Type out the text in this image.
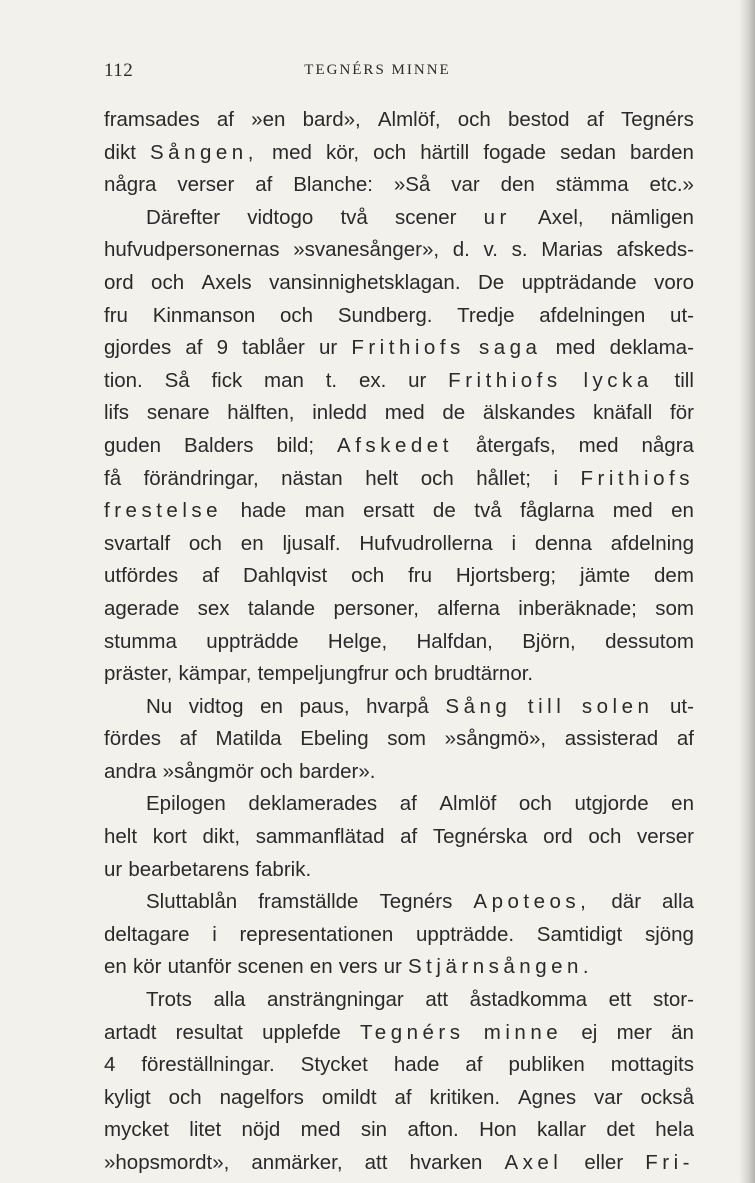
112	TEGNÉRS MINNE
framsades af »en bard», Almlöf, och bestod af Tegnérs
dikt Sången, med kör, och härtill fogade sedan barden
några verser af Blanche: »Så var den stämma etc.»
Därefter vidtogo två scener ur Axel, nämligen
hufvudpersonernas »svanesånger», d. v. s. Marias afskeds-
ord och Axels vansinnighetsklagan. De uppträdande voro
fru Kinmanson och Sundberg. Tredje afdelningen ut-
gjordes af 9 tablåer ur Frithiofs saga med deklama-
tion. Så fick man t. ex. ur Frithiofs lycka till
lifs senare hälften, inledd med de älskandes knäfall för
guden Balders bild; Afskedet återgafs, med några
få förändringar, nästan helt och hållet; i Frithiofs
frestelse hade man ersatt de två fåglarna med en
svartalf och en ljusalf. Hufvudrollerna i denna afdelning
utfördes af Dahlqvist och fru Hjortsberg; jämte dem
agerade sex talande personer, alferna inberäknade; som
stumma uppträdde Helge, Halfdan, Björn, dessutom
präster, kämpar, tempeljungfrur och brudtärnor.
Nu vidtog en paus, hvarpå Sång till solen ut-
fördes af Matilda Ebeling som »sångmö», assisterad af
andra »sångmör och barder».
Epilogen deklamerades af Almlöf och utgjorde en
helt kort dikt, sammanflätad af Tegnérska ord och verser
ur bearbetarens fabrik.
Sluttablån framställde Tegnérs Apoteos, där alla
deltagare i representationen uppträdde. Samtidigt sjöng
en kör utanför scenen en vers ur Stjärnsången.
Trots alla ansträngningar att åstadkomma ett stor-
artadt resultat upplefde Tegnérs minne ej mer än
4 föreställningar. Stycket hade af publiken mottagits
kyligt och nagelfors omildt af kritiken. Agnes var också
mycket litet nöjd med sin afton. Hon kallar det hela
»hopsmordt», anmärker, att hvarken Axel eller Fri-
